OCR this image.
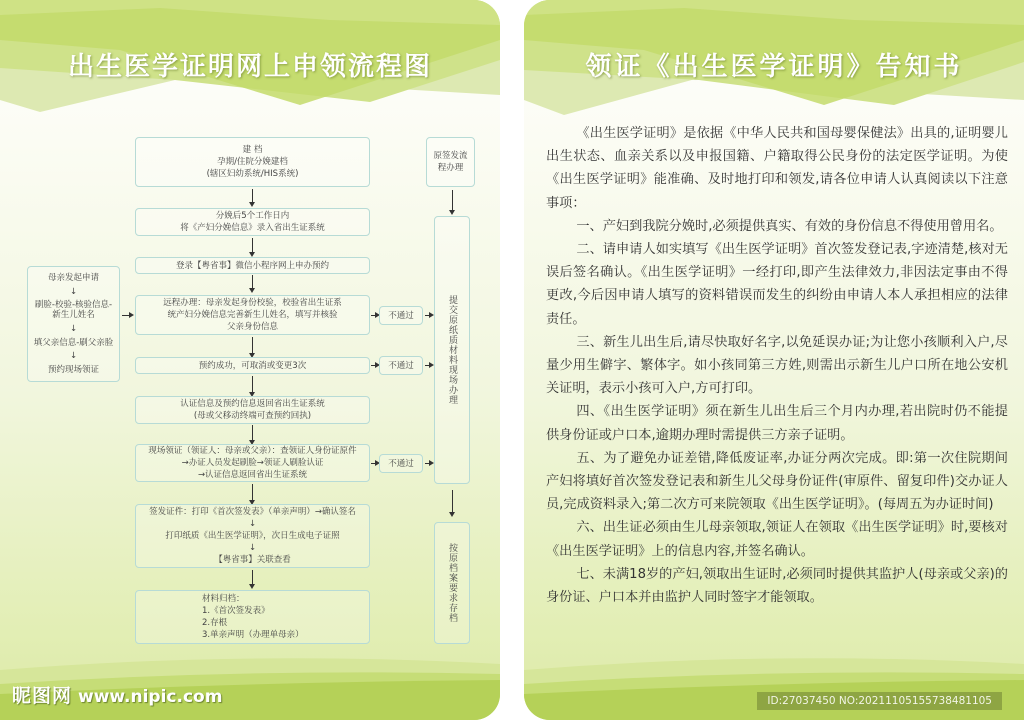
出生医学证明网上申领流程图
建 档
孕期/住院分娩建档
(辖区妇幼系统/HIS系统)
分娩后5个工作日内
将《产妇分娩信息》录入省出生证系统
登录【粤省事】微信小程序网上申办预约
远程办理：母亲发起身份校验，校验省出生证系
统产妇分娩信息完善新生儿姓名，填写并核验
父亲身份信息
预约成功，可取消或变更3次
认证信息及预约信息返回省出生证系统
(母或父移动终端可查预约回执)
现场领证（领证人：母亲或父亲）：查领证人身份证原件
→办证人员发起刷脸→领证人刷脸认证
→认证信息返回省出生证系统
签发证件：打印《首次签发表》（单亲声明）→确认签名
↓
打印纸质《出生医学证明》，次日生成电子证照
↓
【粤省事】关联查看
材料归档：
1.《首次签发表》
2.存根
3.单亲声明（办理单母亲）
母亲发起申请
↓
刷脸-校验-核验信息-
新生儿姓名
↓
填父亲信息-刷父亲脸
↓
预约现场领证
不通过
不通过
不通过
原签发流程办理
提交原纸质材料现场办理
按原档案要求存档
昵图网 www.nipic.com
领证《出生医学证明》告知书

《出生医学证明》是依据《中华人民共和国母婴保健法》出具的,证明婴儿出生状态、血亲关系以及申报国籍、户籍取得公民身份的法定医学证明。为使《出生医学证明》能准确、及时地打印和领发,请各位申请人认真阅读以下注意事项：

一、产妇到我院分娩时,必须提供真实、有效的身份信息不得使用曾用名。

二、请申请人如实填写《出生医学证明》首次签发登记表,字迹清楚,核对无误后签名确认。《出生医学证明》一经打印,即产生法律效力,非因法定事由不得更改,今后因申请人填写的资料错误而发生的纠纷由申请人本人承担相应的法律责任。

三、新生儿出生后,请尽快取好名字,以免延误办证;为让您小孩顺利入户,尽量少用生僻字、繁体字。如小孩同第三方姓,则需出示新生儿户口所在地公安机关证明，表示小孩可入户,方可打印。

四、《出生医学证明》须在新生儿出生后三个月内办理,若出院时仍不能提供身份证或户口本,逾期办理时需提供三方亲子证明。

五、为了避免办证差错,降低废证率,办证分两次完成。即:第一次住院期间产妇将填好首次签发登记表和新生儿父母身份证件(审原件、留复印件)交办证人员,完成资料录入;第二次方可来院领取《出生医学证明》。(每周五为办证时间)

六、出生证必须由生儿母亲领取,领证人在领取《出生医学证明》时,要核对《出生医学证明》上的信息内容,并签名确认。

七、未满18岁的产妇,领取出生证时,必须同时提供其监护人(母亲或父亲)的身份证、户口本并由监护人同时签字才能领取。

ID:27037450 NO:20211105155738481105
